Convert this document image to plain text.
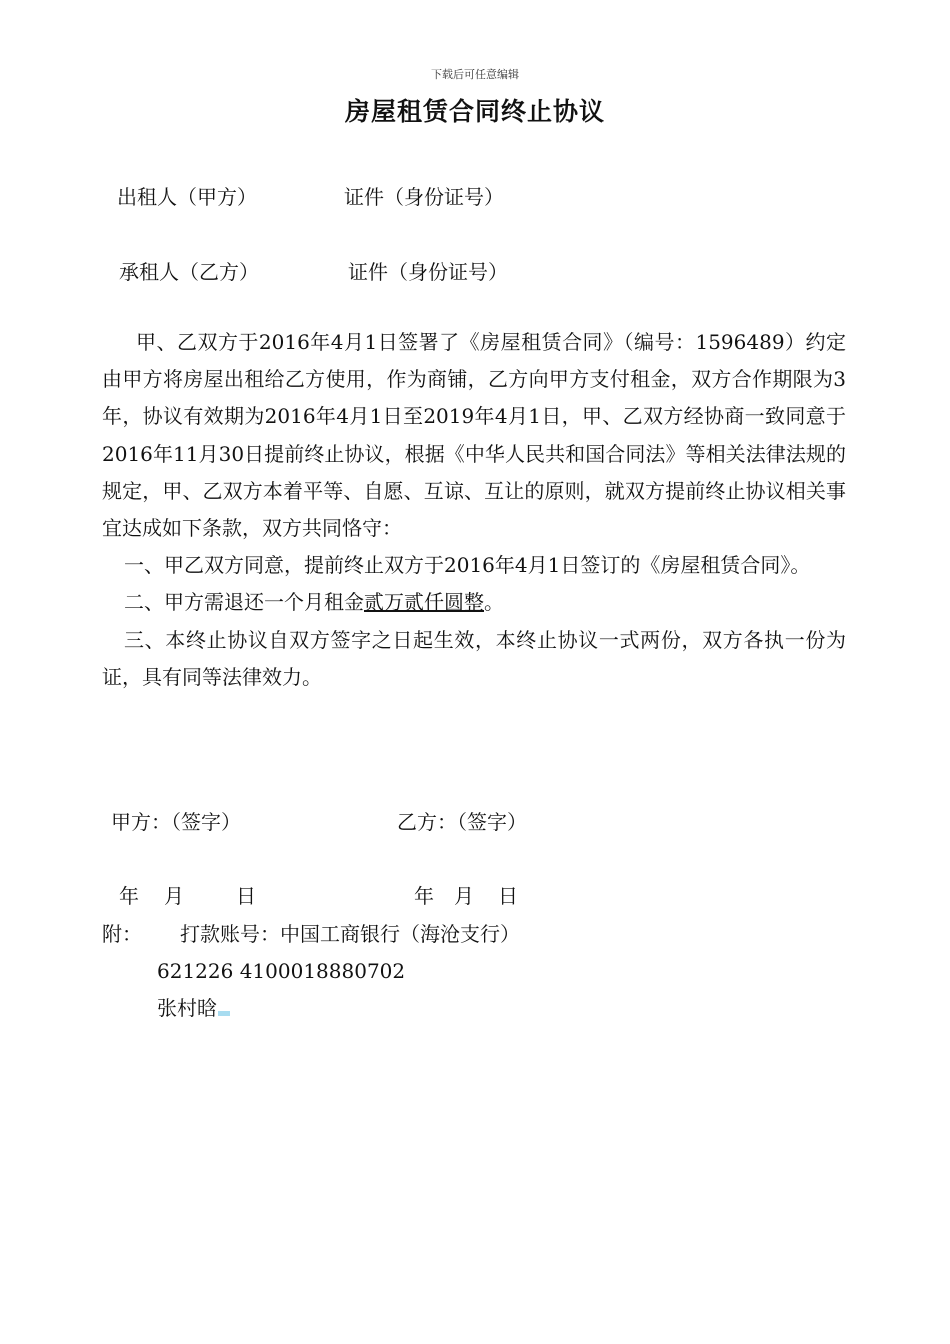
下载后可任意编辑
房屋租赁合同终止协议
出租人（甲方）	证件（身份证号）
承租人（乙方）	证件（身份证号）

甲、乙双方于2016年4月1日签署了《房屋租赁合同》（编号：1596489）约定由甲方将房屋出租给乙方使用，作为商铺，乙方向甲方支付租金，双方合作期限为3年，协议有效期为2016年4月1日至2019年4月1日，甲、乙双方经协商一致同意于2016年11月30日提前终止协议，根据《中华人民共和国合同法》等相关法律法规的规定，甲、乙双方本着平等、自愿、互谅、互让的原则，就双方提前终止协议相关事宜达成如下条款，双方共同恪守：

一、甲乙双方同意，提前终止双方于2016年4月1日签订的《房屋租赁合同》。

二、甲方需退还一个月租金贰万贰仟圆整。

三、本终止协议自双方签字之日起生效，本终止协议一式两份，双方各执一份为证，具有同等法律效力。

甲方：（签字）	乙方：（签字）
年 月	日	年 月 日
附： 打款账号：中国工商银行（海沧支行）
621226 4100018880702
张村晗
